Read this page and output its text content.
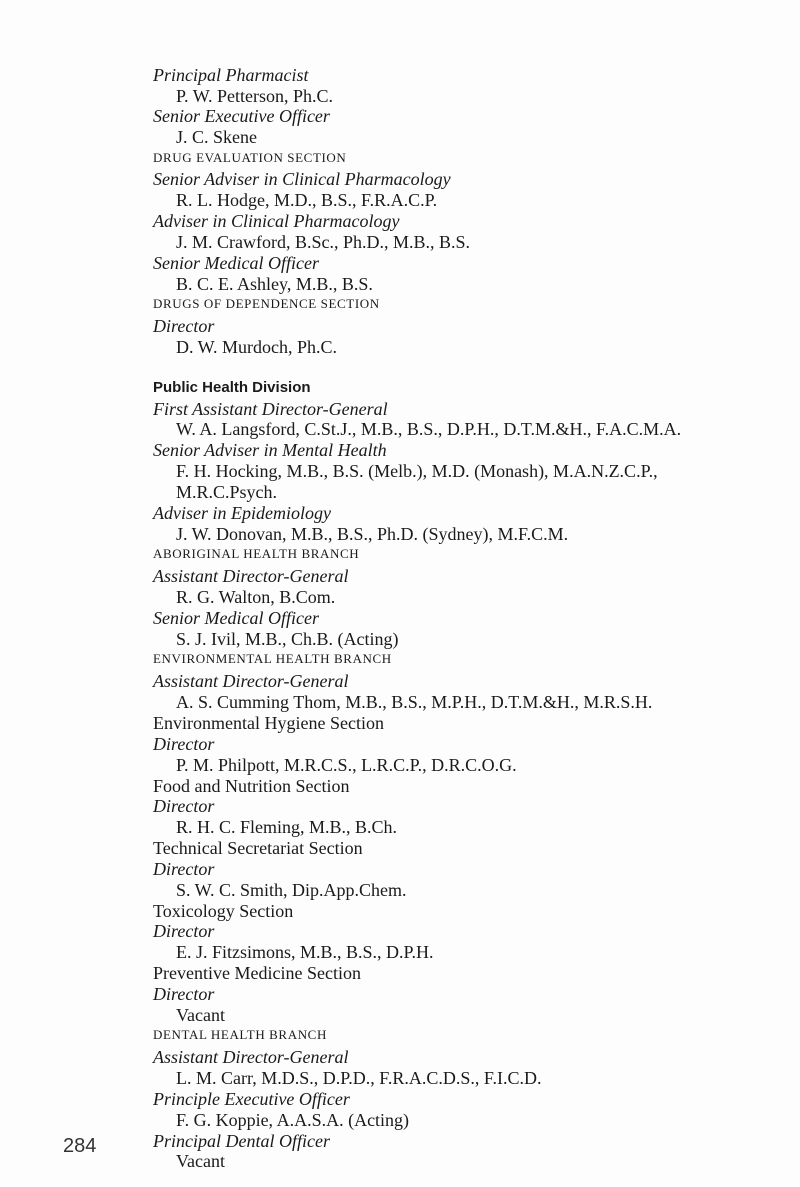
Principal Pharmacist
P. W. Petterson, Ph.C.
Senior Executive Officer
J. C. Skene
DRUG EVALUATION SECTION
Senior Adviser in Clinical Pharmacology
R. L. Hodge, M.D., B.S., F.R.A.C.P.
Adviser in Clinical Pharmacology
J. M. Crawford, B.Sc., Ph.D., M.B., B.S.
Senior Medical Officer
B. C. E. Ashley, M.B., B.S.
DRUGS OF DEPENDENCE SECTION
Director
D. W. Murdoch, Ph.C.
Public Health Division
First Assistant Director-General
W. A. Langsford, C.St.J., M.B., B.S., D.P.H., D.T.M.&H., F.A.C.M.A.
Senior Adviser in Mental Health
F. H. Hocking, M.B., B.S. (Melb.), M.D. (Monash), M.A.N.Z.C.P.,
M.R.C.Psych.
Adviser in Epidemiology
J. W. Donovan, M.B., B.S., Ph.D. (Sydney), M.F.C.M.
ABORIGINAL HEALTH BRANCH
Assistant Director-General
R. G. Walton, B.Com.
Senior Medical Officer
S. J. Ivil, M.B., Ch.B. (Acting)
ENVIRONMENTAL HEALTH BRANCH
Assistant Director-General
A. S. Cumming Thom, M.B., B.S., M.P.H., D.T.M.&H., M.R.S.H.
Environmental Hygiene Section
Director
P. M. Philpott, M.R.C.S., L.R.C.P., D.R.C.O.G.
Food and Nutrition Section
Director
R. H. C. Fleming, M.B., B.Ch.
Technical Secretariat Section
Director
S. W. C. Smith, Dip.App.Chem.
Toxicology Section
Director
E. J. Fitzsimons, M.B., B.S., D.P.H.
Preventive Medicine Section
Director
Vacant
DENTAL HEALTH BRANCH
Assistant Director-General
L. M. Carr, M.D.S., D.P.D., F.R.A.C.D.S., F.I.C.D.
Principle Executive Officer
F. G. Koppie, A.A.S.A. (Acting)
Principal Dental Officer
Vacant
284
